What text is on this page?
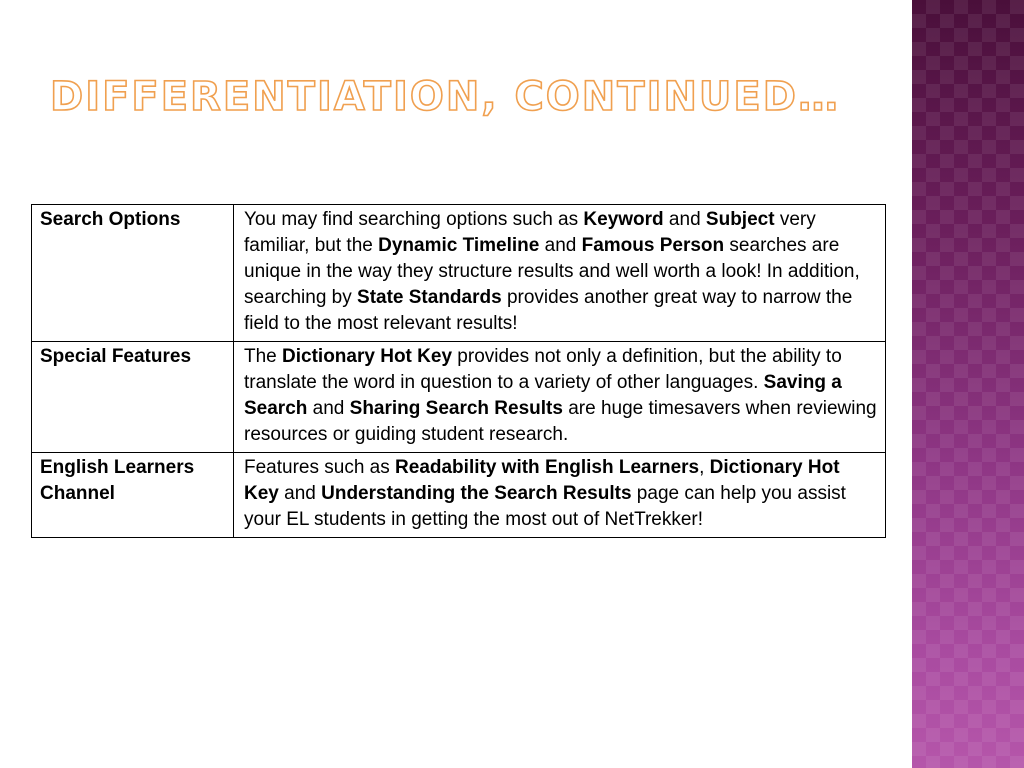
DIFFERENTIATION, CONTINUED…
Search Options	You may find searching options such as Keyword and Subject very familiar, but the Dynamic Timeline and Famous Person searches are unique in the way they structure results and well worth a look! In addition, searching by State Standards provides another great way to narrow the field to the most relevant results!
Special Features	The Dictionary Hot Key provides not only a definition, but the ability to translate the word in question to a variety of other languages. Saving a Search and Sharing Search Results are huge timesavers when reviewing resources or guiding student research.
English Learners Channel	Features such as Readability with English Learners, Dictionary Hot Key and Understanding the Search Results page can help you assist your EL students in getting the most out of NetTrekker!
